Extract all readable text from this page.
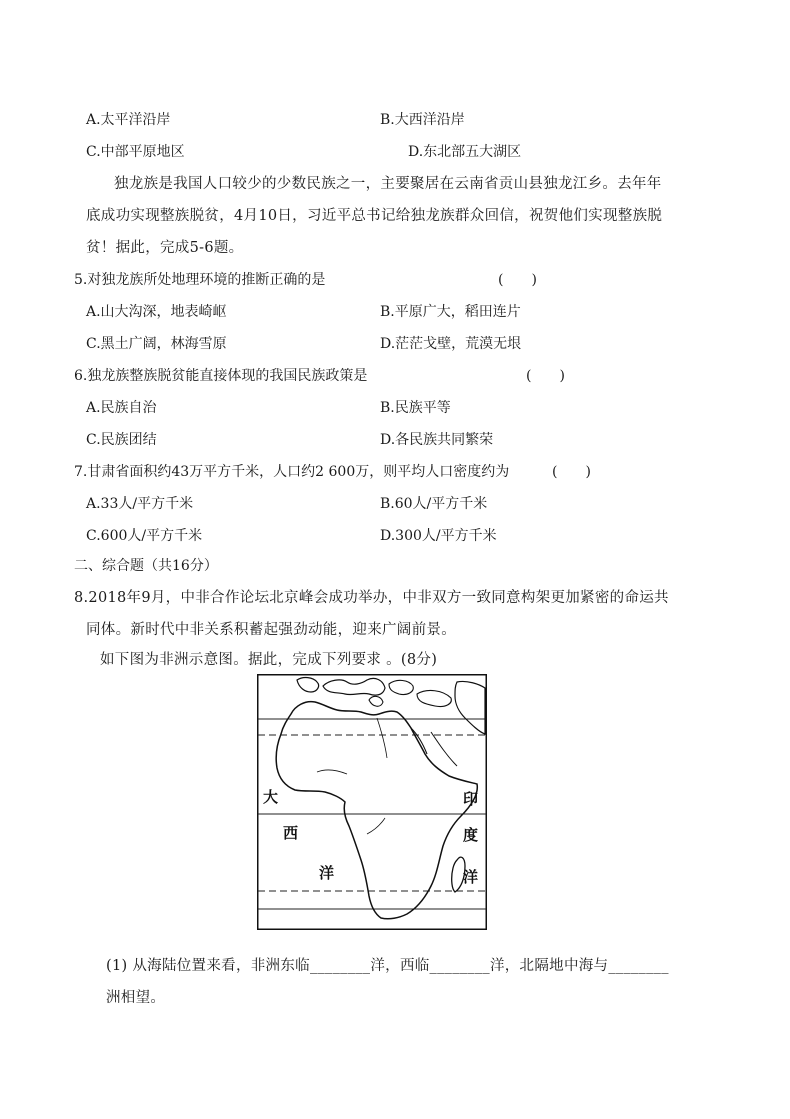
A.太平洋沿岸	B.大西洋沿岸
C.中部平原地区	D.东北部五大湖区
独龙族是我国人口较少的少数民族之一，主要聚居在云南省贡山县独龙江乡。去年年
底成功实现整族脱贫，4月10日，习近平总书记给独龙族群众回信，祝贺他们实现整族脱
贫！据此，完成5-6题。
5.对独龙族所处地理环境的推断正确的是	(　　)
A.山大沟深，地表崎岖	B.平原广大，稻田连片
C.黑土广阔，林海雪原	D.茫茫戈壁，荒漠无垠
6.独龙族整族脱贫能直接体现的我国民族政策是	(　　)
A.民族自治	B.民族平等
C.民族团结	D.各民族共同繁荣
7.甘肃省面积约43万平方千米，人口约2 600万，则平均人口密度约为	(　　)
A.33人/平方千米	B.60人/平方千米
C.600人/平方千米	D.300人/平方千米
二、综合题（共16分）
8.2018年9月，中非合作论坛北京峰会成功举办，中非双方一致同意构架更加紧密的命运共
同体。新时代中非关系积蓄起强劲动能，迎来广阔前景。
如下图为非洲示意图。据此，完成下列要求 。(8分)
大
西
洋
印
度
洋
(1) 从海陆位置来看，非洲东临________洋，西临________洋，北隔地中海与________
洲相望。
